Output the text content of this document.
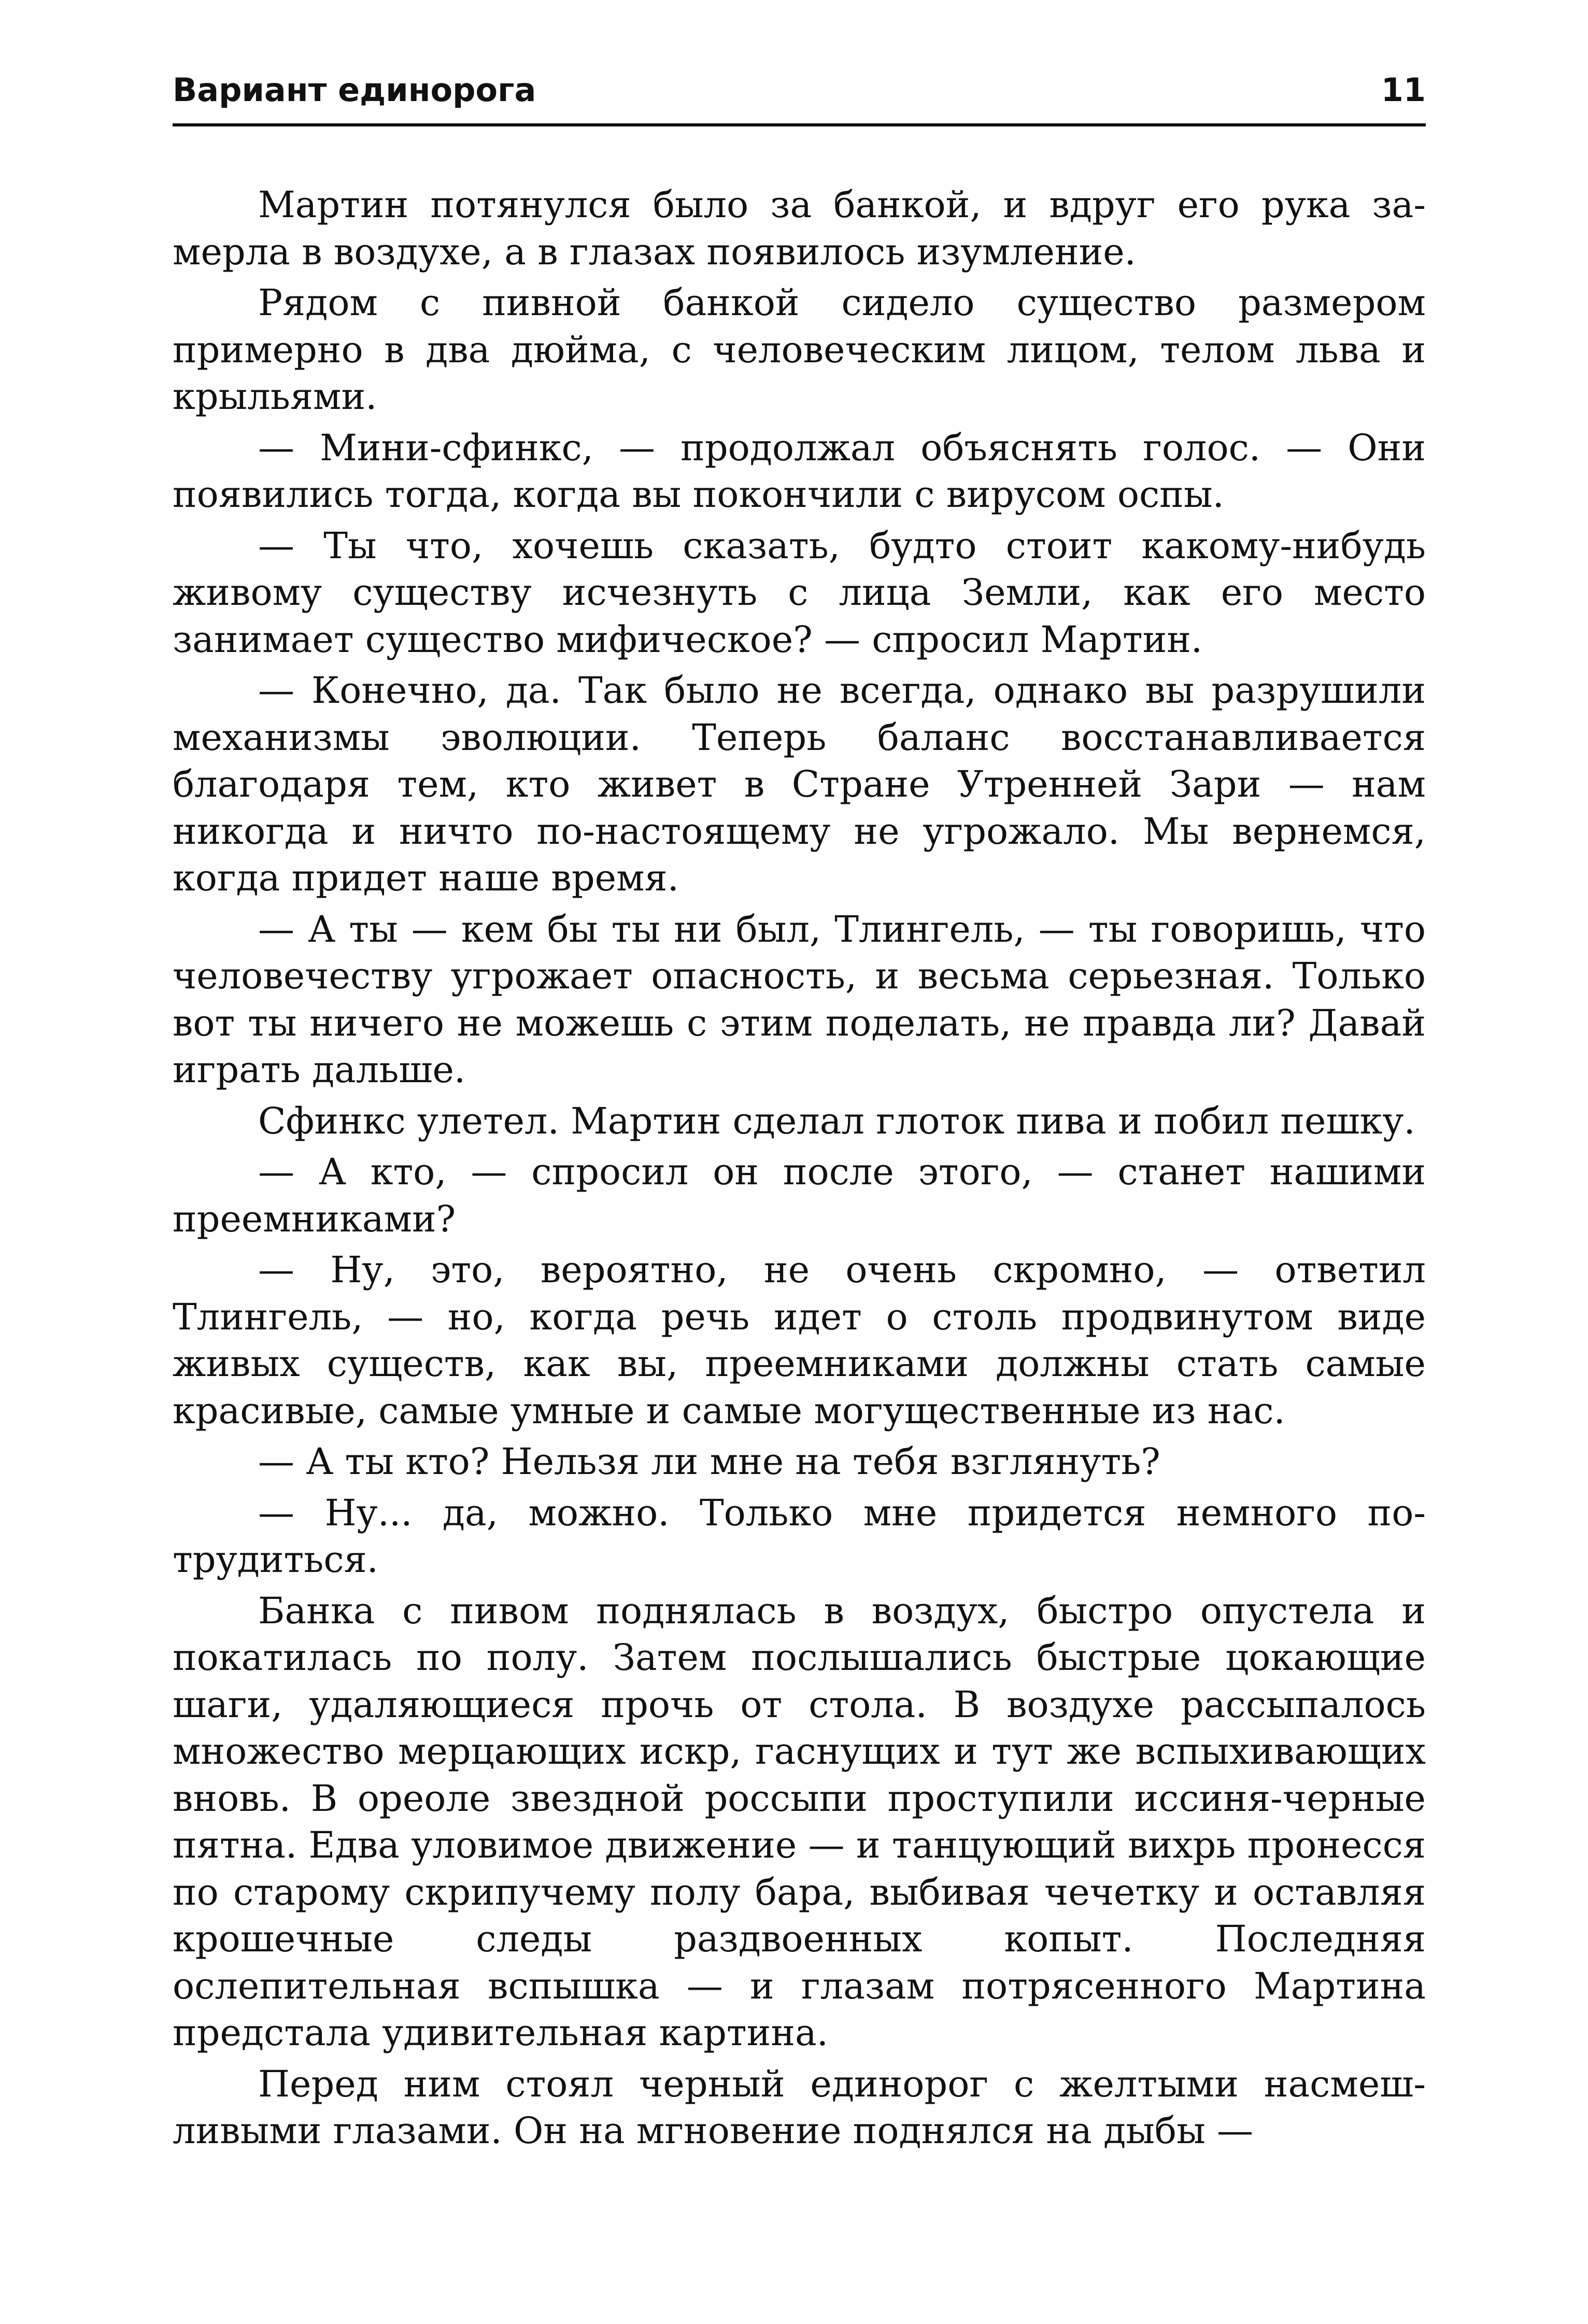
Вариант единорога	11

Мартин потянулся было за банкой, и вдруг его рука замерла в воздухе, а в глазах появилось изумление.

Рядом с пивной банкой сидело существо размером примерно в два дюйма, с человеческим лицом, телом льва и крыльями.

— Мини-сфинкс, — продолжал объяснять голос. — Они появились тогда, когда вы покончили с вирусом оспы.

— Ты что, хочешь сказать, будто стоит какому-нибудь живому существу исчезнуть с лица Земли, как его место занимает существо мифическое? — спросил Мартин.

— Конечно, да. Так было не всегда, однако вы разрушили механизмы эволюции. Теперь баланс восстанавливается благодаря тем, кто живет в Стране Утренней Зари — нам никогда и ничто по-настоящему не угрожало. Мы вернемся, когда придет наше время.

— А ты — кем бы ты ни был, Тлингель, — ты говоришь, что человечеству угрожает опасность, и весьма серьезная. Только вот ты ничего не можешь с этим поделать, не правда ли? Давай играть дальше.

Сфинкс улетел. Мартин сделал глоток пива и побил пешку.

— А кто, — спросил он после этого, — станет нашими преемниками?

— Ну, это, вероятно, не очень скромно, — ответил Тлингель, — но, когда речь идет о столь продвинутом виде живых существ, как вы, преемниками должны стать самые красивые, самые умные и самые могущественные из нас.

— А ты кто? Нельзя ли мне на тебя взглянуть?

— Ну... да, можно. Только мне придется немного потрудиться.

Банка с пивом поднялась в воздух, быстро опустела и покатилась по полу. Затем послышались быстрые цокающие шаги, удаляющиеся прочь от стола. В воздухе рассыпалось множество мерцающих искр, гаснущих и тут же вспыхивающих вновь. В ореоле звездной россыпи проступили иссиня-черные пятна. Едва уловимое движение — и танцующий вихрь пронесся по старому скрипучему полу бара, выбивая чечетку и оставляя крошечные следы раздвоенных копыт. Последняя ослепительная вспышка — и глазам потрясенного Мартина предстала удивительная картина.

Перед ним стоял черный единорог с желтыми насмешливыми глазами. Он на мгновение поднялся на дыбы —
